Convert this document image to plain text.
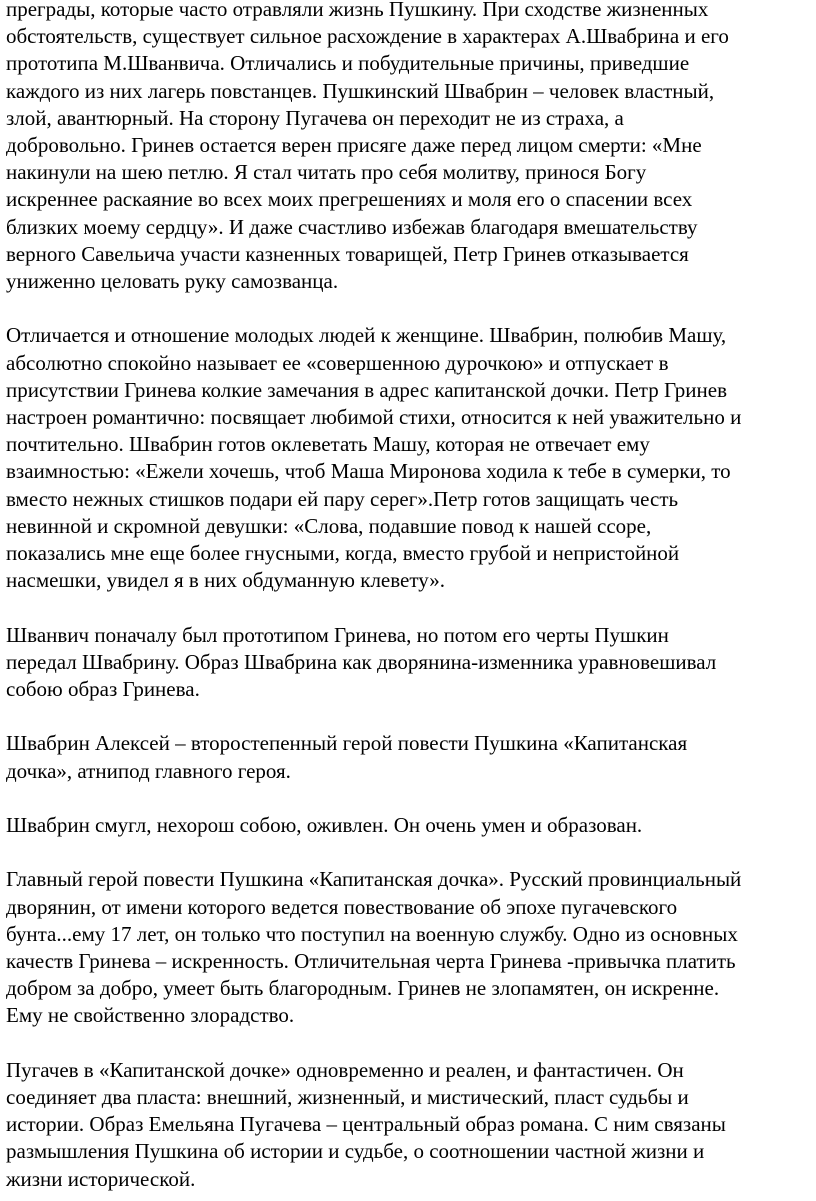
преграды, которые часто отравляли жизнь Пушкину. При сходстве жизненных
обстоятельств, существует сильное расхождение в характерах А.Швабрина и его
прототипа М.Шванвича. Отличались и побудительные причины, приведшие
каждого из них лагерь повстанцев. Пушкинский Швабрин – человек властный,
злой, авантюрный. На сторону Пугачева он переходит не из страха, а
добровольно. Гринев остается верен присяге даже перед лицом смерти: «Мне
накинули на шею петлю. Я стал читать про себя молитву, принося Богу
искреннее раскаяние во всех моих прегрешениях и моля его о спасении всех
близких моему сердцу». И даже счастливо избежав благодаря вмешательству
верного Савельича участи казненных товарищей, Петр Гринев отказывается
униженно целовать руку самозванца.

Отличается и отношение молодых людей к женщине. Швабрин, полюбив Машу,
абсолютно спокойно называет ее «совершенною дурочкою» и отпускает в
присутствии Гринева колкие замечания в адрес капитанской дочки. Петр Гринев
настроен романтично: посвящает любимой стихи, относится к ней уважительно и
почтительно. Швабрин готов оклеветать Машу, которая не отвечает ему
взаимностью: «Ежели хочешь, чтоб Маша Миронова ходила к тебе в сумерки, то
вместо нежных стишков подари ей пару серег».Петр готов защищать честь
невинной и скромной девушки: «Слова, подавшие повод к нашей ссоре,
показались мне еще более гнусными, когда, вместо грубой и непристойной
насмешки, увидел я в них обдуманную клевету».

Шванвич поначалу был прототипом Гринева, но потом его черты Пушкин
передал Швабрину. Образ Швабрина как дворянина-изменника уравновешивал
собою образ Гринева.

Швабрин Алексей – второстепенный герой повести Пушкина «Капитанская
дочка», атнипод главного героя.

Швабрин смугл, нехорош собою, оживлен. Он очень умен и образован.

Главный герой повести Пушкина «Капитанская дочка». Русский провинциальный
дворянин, от имени которого ведется повествование об эпохе пугачевского
бунта...ему 17 лет, он только что поступил на военную службу. Одно из основных
качеств Гринева – искренность. Отличительная черта Гринева -привычка платить
добром за добро, умеет быть благородным. Гринев не злопамятен, он искренне.
Ему не свойственно злорадство.

Пугачев в «Капитанской дочке» одновременно и реален, и фантастичен. Он
соединяет два пласта: внешний, жизненный, и мистический, пласт судьбы и
истории. Образ Емельяна Пугачева – центральный образ романа. С ним связаны
размышления Пушкина об истории и судьбе, о соотношении частной жизни и
жизни исторической.
